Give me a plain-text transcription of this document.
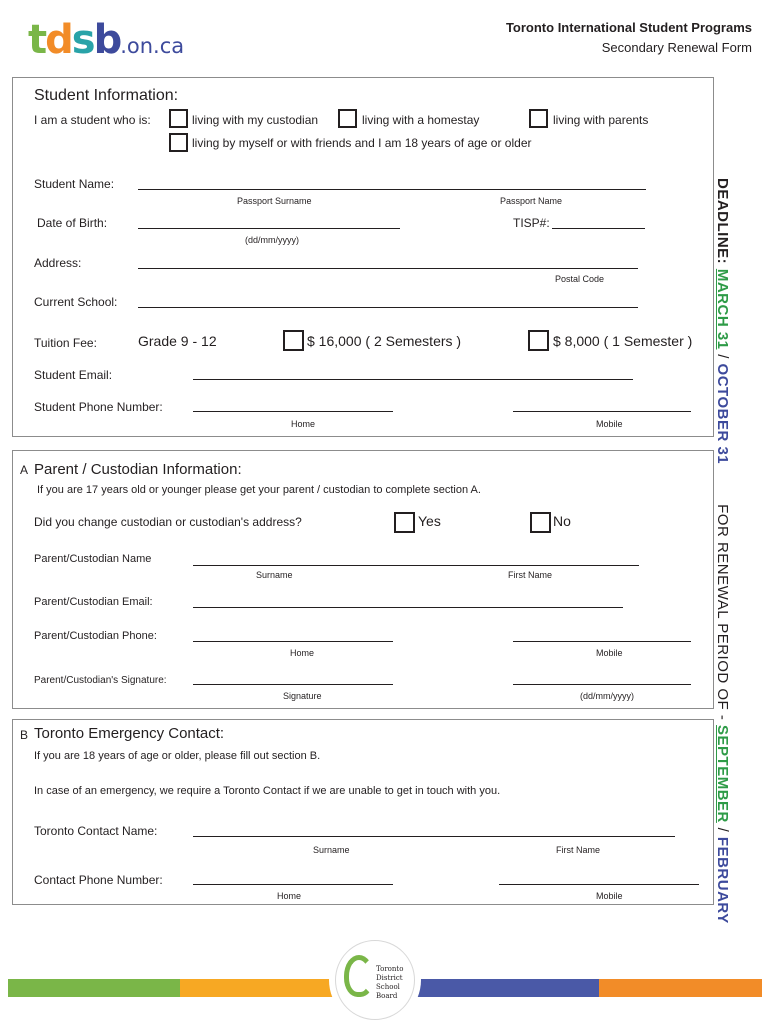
tdsb.on.ca
Toronto International Student Programs
Secondary Renewal Form
Student Information:
I am a student who is:	living with my custodian	living with a homestay	living with parents
living by myself or with friends and I am 18 years of age or older
Student Name:
Passport Surname	Passport Name
Date of Birth:
(dd/mm/yyyy)
TISP#:
Address:
Postal Code
Current School:
Tuition Fee:	Grade 9 - 12	$ 16,000 ( 2 Semesters )	$ 8,000 ( 1 Semester )
Student Email:
Student Phone Number:
Home	Mobile
A Parent / Custodian Information:
If you are 17 years old or younger please get your parent / custodian to complete section A.
Did you change custodian or custodian's address?	Yes	No
Parent/Custodian Name
Surname	First Name
Parent/Custodian Email:
Parent/Custodian Phone:
Home	Mobile
Parent/Custodian's Signature:
Signature	(dd/mm/yyyy)
B Toronto Emergency Contact:
If you are 18 years of age or older, please fill out section B.
In case of an emergency, we require a Toronto Contact if we are unable to get in touch with you.
Toronto Contact Name:
Surname	First Name
Contact Phone Number:
Home	Mobile
DEADLINE: MARCH 31 / OCTOBER 31FOR RENEWAL PERIOD OF - SEPTEMBER / FEBRUARY
Toronto
District
School
Board
